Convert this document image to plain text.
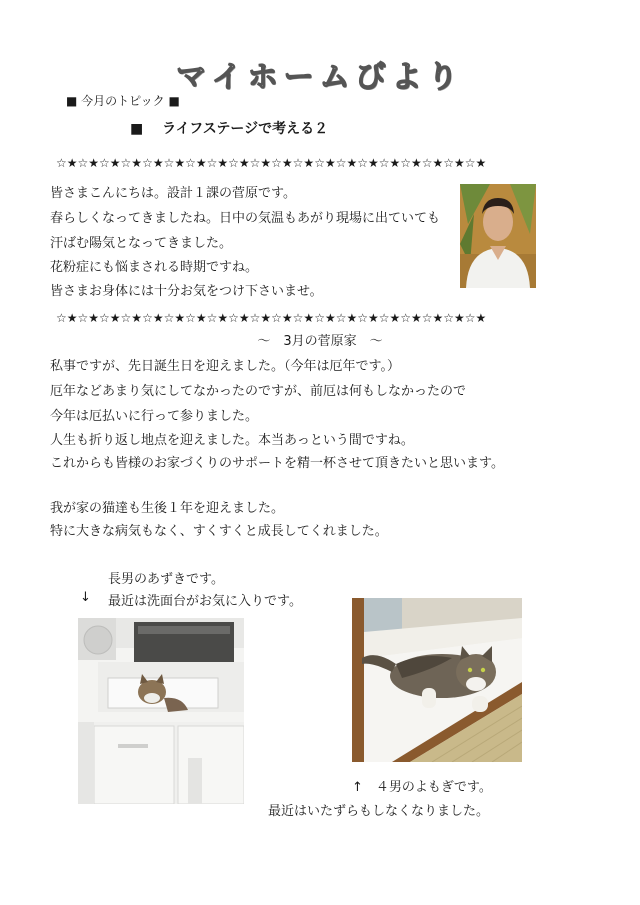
マイホームびより
■ 今月のトピック ■
■　 ライフステージで考える２
☆★☆★☆★☆★☆★☆★☆★☆★☆★☆★☆★☆★☆★☆★☆★☆★☆★☆★☆★☆★
皆さまこんにちは。設計１課の菅原です。
春らしくなってきましたね。日中の気温もあがり現場に出ていても
汗ばむ陽気となってきました。
花粉症にも悩まされる時期ですね。
皆さまお身体には十分お気をつけ下さいませ。
☆★☆★☆★☆★☆★☆★☆★☆★☆★☆★☆★☆★☆★☆★☆★☆★☆★☆★☆★☆★
～　3月の菅原家　～
私事ですが、先日誕生日を迎えました。（今年は厄年です。）
厄年などあまり気にしてなかったのですが、前厄は何もしなかったので
今年は厄払いに行って参りました。
人生も折り返し地点を迎えました。本当あっという間ですね。
これからも皆様のお家づくりのサポートを精一杯させて頂きたいと思います。
我が家の猫達も生後１年を迎えました。
特に大きな病気もなく、すくすくと成長してくれました。
長男のあずきです。
↓ 最近は洗面台がお気に入りです。
↑　４男のよもぎです。
最近はいたずらもしなくなりました。
